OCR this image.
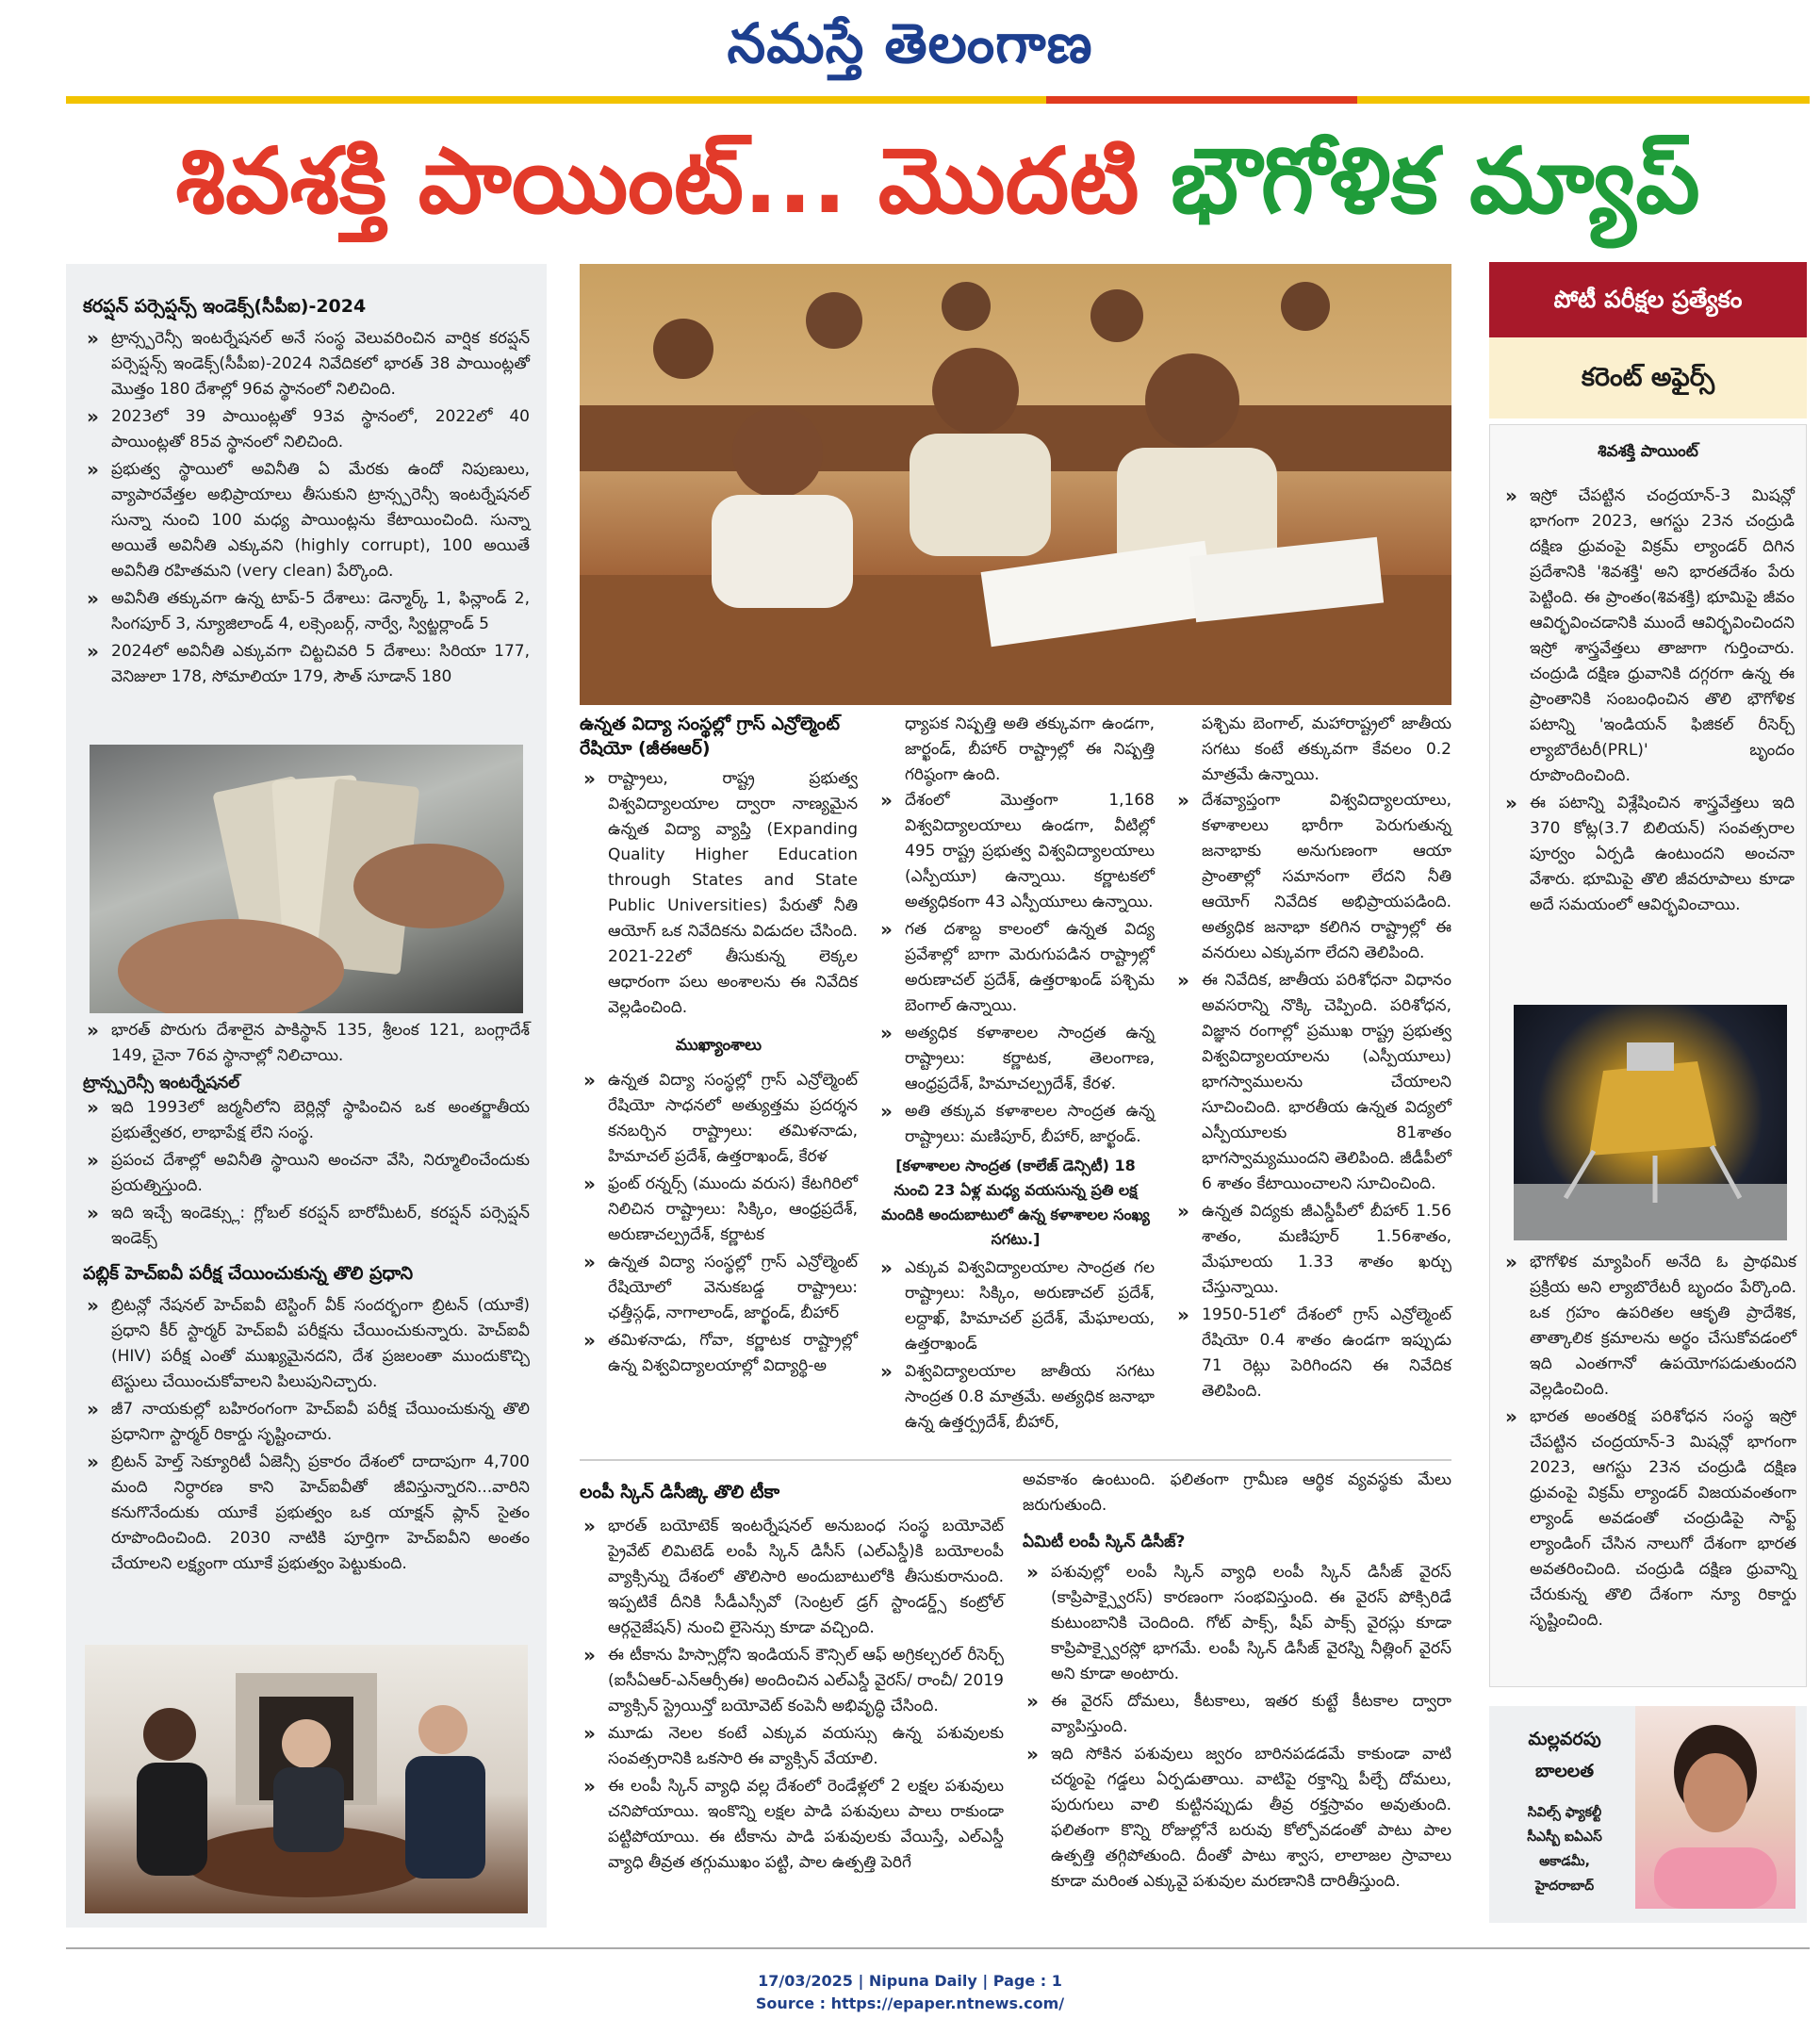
నమస్తే తెలంగాణ
శివశక్తి పాయింట్... మొదటి భౌగోళిక మ్యాప్
కరప్షన్ పర్సెప్షన్స్ ఇండెక్స్(సీపీఐ)-2024
» ట్రాన్స్పరెన్సీ ఇంటర్నేషనల్ అనే సంస్థ వెలువరించిన వార్షిక కరప్షన్ పర్సెప్షన్స్ ఇండెక్స్(సీపీఐ)-2024 నివేదికలో భారత్ 38 పాయింట్లతో మొత్తం 180 దేశాల్లో 96వ స్థానంలో నిలిచింది.
» 2023లో 39 పాయింట్లతో 93వ స్థానంలో, 2022లో 40 పాయింట్లతో 85వ స్థానంలో నిలిచింది.
» ప్రభుత్వ స్థాయిలో అవినీతి ఏ మేరకు ఉందో నిపుణులు, వ్యాపారవేత్తల అభిప్రాయాలు తీసుకుని ట్రాన్స్పరెన్సీ ఇంటర్నేషనల్ సున్నా నుంచి 100 మధ్య పాయింట్లను కేటాయించింది. సున్నా అయితే అవినీతి ఎక్కువని (highly corrupt), 100 అయితే అవినీతి రహితమని (very clean) పేర్కొంది.
» అవినీతి తక్కువగా ఉన్న టాప్-5 దేశాలు: డెన్మార్క్ 1, ఫిన్లాండ్ 2, సింగపూర్ 3, న్యూజిలాండ్ 4, లక్సెంబర్గ్, నార్వే, స్విట్జర్లాండ్ 5
» 2024లో అవినీతి ఎక్కువగా చిట్టచివరి 5 దేశాలు: సిరియా 177, వెనిజులా 178, సోమాలియా 179, సౌత్ సూడాన్ 180
» భారత్ పొరుగు దేశాలైన పాకిస్థాన్ 135, శ్రీలంక 121, బంగ్లాదేశ్ 149, చైనా 76వ స్థానాల్లో నిలిచాయి.
ట్రాన్స్పరెన్సీ ఇంటర్నేషనల్
» ఇది 1993లో జర్మనీలోని బెర్లిన్లో స్థాపించిన ఒక అంతర్జాతీయ ప్రభుత్వేతర, లాభాపేక్ష లేని సంస్థ.
» ప్రపంచ దేశాల్లో అవినీతి స్థాయిని అంచనా వేసి, నిర్మూలించేందుకు ప్రయత్నిస్తుంది.
» ఇది ఇచ్చే ఇండెక్స్లు: గ్లోబల్ కరప్షన్ బారోమీటర్, కరప్షన్ పర్సెప్షన్ ఇండెక్స్
పబ్లిక్ హెచ్ఐవీ పరీక్ష చేయించుకున్న తొలి ప్రధాని
» బ్రిటన్లో నేషనల్ హెచ్ఐవీ టెస్టింగ్ వీక్ సందర్భంగా బ్రిటన్ (యూకే) ప్రధాని కీర్ స్టార్మర్ హెచ్ఐవీ పరీక్షను చేయించుకున్నారు. హెచ్ఐవీ (HIV) పరీక్ష ఎంతో ముఖ్యమైనదని, దేశ ప్రజలంతా ముందుకొచ్చి టెస్టులు చేయించుకోవాలని పిలుపునిచ్చారు.
» జీ7 నాయకుల్లో బహిరంగంగా హెచ్ఐవీ పరీక్ష చేయించుకున్న తొలి ప్రధానిగా స్టార్మర్ రికార్డు సృష్టించారు.
» బ్రిటన్ హెల్త్ సెక్యూరిటీ ఏజెన్సీ ప్రకారం దేశంలో దాదాపుగా 4,700 మంది నిర్ధారణ కాని హెచ్ఐవీతో జీవిస్తున్నారని...వారిని కనుగొనేందుకు యూకే ప్రభుత్వం ఒక యాక్షన్ ప్లాన్ సైతం రూపొందించింది. 2030 నాటికి పూర్తిగా హెచ్ఐవీని అంతం చేయాలని లక్ష్యంగా యూకే ప్రభుత్వం పెట్టుకుంది.
ఉన్నత విద్యా సంస్థల్లో గ్రాస్ ఎన్రోల్మెంట్ రేషియో (జీఈఆర్)
» రాష్ట్రాలు, రాష్ట్ర ప్రభుత్వ విశ్వవిద్యాలయాల ద్వారా నాణ్యమైన ఉన్నత విద్యా వ్యాప్తి (Expanding Quality Higher Education through States and State Public Universities) పేరుతో నీతి ఆయోగ్ ఒక నివేదికను విడుదల చేసింది. 2021-22లో తీసుకున్న లెక్కల ఆధారంగా పలు అంశాలను ఈ నివేదిక వెల్లడించింది.

ముఖ్యాంశాలు

» ఉన్నత విద్యా సంస్థల్లో గ్రాస్ ఎన్రోల్మెంట్ రేషియో సాధనలో అత్యుత్తమ ప్రదర్శన కనబర్చిన రాష్ట్రాలు: తమిళనాడు, హిమాచల్ ప్రదేశ్, ఉత్తరాఖండ్, కేరళ
» ఫ్రంట్ రన్నర్స్ (ముందు వరుస) కేటగిరిలో నిలిచిన రాష్ట్రాలు: సిక్కిం, ఆంధ్రప్రదేశ్, అరుణాచల్ప్రదేశ్, కర్ణాటక
» ఉన్నత విద్యా సంస్థల్లో గ్రాస్ ఎన్రోల్మెంట్ రేషియోలో వెనుకబడ్డ రాష్ట్రాలు: ఛత్తీస్గఢ్, నాగాలాండ్, జార్ఖండ్, బీహార్
» తమిళనాడు, గోవా, కర్ణాటక రాష్ట్రాల్లో ఉన్న విశ్వవిద్యాలయాల్లో విద్యార్థి-అ

ధ్యాపక నిష్పత్తి అతి తక్కువగా ఉండగా, జార్ఖండ్, బీహార్ రాష్ట్రాల్లో ఈ నిష్పత్తి గరిష్ఠంగా ఉంది.

» దేశంలో మొత్తంగా 1,168 విశ్వవిద్యాలయాలు ఉండగా, వీటిల్లో 495 రాష్ట్ర ప్రభుత్వ విశ్వవిద్యాలయాలు (ఎస్పీయూ) ఉన్నాయి. కర్ణాటకలో అత్యధికంగా 43 ఎస్పీయూలు ఉన్నాయి.
» గత దశాబ్ద కాలంలో ఉన్నత విద్య ప్రవేశాల్లో బాగా మెరుగుపడిన రాష్ట్రాల్లో అరుణాచల్ ప్రదేశ్, ఉత్తరాఖండ్ పశ్చిమ బెంగాల్ ఉన్నాయి.
» అత్యధిక కళాశాలల సాంద్రత ఉన్న రాష్ట్రాలు: కర్ణాటక, తెలంగాణ, ఆంధ్రప్రదేశ్, హిమాచల్ప్రదేశ్, కేరళ.
» అతి తక్కువ కళాశాలల సాంద్రత ఉన్న రాష్ట్రాలు: మణిపూర్, బీహార్, జార్ఖండ్.

[కళాశాలల సాంద్రత (కాలేజ్ డెన్సిటీ) 18 నుంచి 23 ఏళ్ల మధ్య వయసున్న ప్రతి లక్ష మందికి అందుబాటులో ఉన్న కళాశాలల సంఖ్య సగటు.]

» ఎక్కువ విశ్వవిద్యాలయాల సాంద్రత గల రాష్ట్రాలు: సిక్కిం, అరుణాచల్ ప్రదేశ్, లద్దాఖ్, హిమాచల్ ప్రదేశ్, మేఘాలయ, ఉత్తరాఖండ్
» విశ్వవిద్యాలయాల జాతీయ సగటు సాంద్రత 0.8 మాత్రమే. అత్యధిక జనాభా ఉన్న ఉత్తర్ప్రదేశ్, బీహార్,

పశ్చిమ బెంగాల్, మహారాష్ట్రలో జాతీయ సగటు కంటే తక్కువగా కేవలం 0.2 మాత్రమే ఉన్నాయి.

» దేశవ్యాప్తంగా విశ్వవిద్యాలయాలు, కళాశాలలు భారీగా పెరుగుతున్న జనాభాకు అనుగుణంగా ఆయా ప్రాంతాల్లో సమానంగా లేదని నీతి ఆయోగ్ నివేదిక అభిప్రాయపడింది. అత్యధిక జనాభా కలిగిన రాష్ట్రాల్లో ఈ వనరులు ఎక్కువగా లేదని తెలిపింది.
» ఈ నివేదిక, జాతీయ పరిశోధనా విధానం అవసరాన్ని నొక్కి చెప్పింది. పరిశోధన, విజ్ఞాన రంగాల్లో ప్రముఖ రాష్ట్ర ప్రభుత్వ విశ్వవిద్యాలయాలను (ఎస్పీయూలు) భాగస్వాములను చేయాలని సూచించింది. భారతీయ ఉన్నత విద్యలో ఎస్పీయూలకు 81శాతం భాగస్వామ్యముందని తెలిపింది. జీడీపీలో 6 శాతం కేటాయించాలని సూచించింది.
» ఉన్నత విద్యకు జీఎస్డీపీలో బీహార్ 1.56 శాతం, మణిపూర్ 1.56శాతం, మేఘాలయ 1.33 శాతం ఖర్చు చేస్తున్నాయి.
» 1950-51లో దేశంలో గ్రాస్ ఎన్రోల్మెంట్ రేషియో 0.4 శాతం ఉండగా ఇప్పుడు 71 రెట్లు పెరిగిందని ఈ నివేదిక తెలిపింది.
లంపీ స్కిన్ డిసీజ్కి తొలి టీకా
» భారత్ బయోటెక్ ఇంటర్నేషనల్ అనుబంధ సంస్థ బయోవెట్ ప్రైవేట్ లిమిటెడ్ లంపీ స్కిన్ డిసీస్ (ఎల్ఎస్డీ)కి బయోలంపీ వ్యాక్సిన్ను దేశంలో తొలిసారి అందుబాటులోకి తీసుకురానుంది. ఇప్పటికే దీనికి సీడీఎస్సీవో (సెంట్రల్ డ్రగ్ స్టాండర్డ్స్ కంట్రోల్ ఆర్గనైజేషన్) నుంచి లైసెన్సు కూడా వచ్చింది.
» ఈ టీకాను హిస్సార్లోని ఇండియన్ కౌన్సిల్ ఆఫ్ అగ్రికల్చరల్ రీసెర్చ్ (ఐసీఏఆర్-ఎన్ఆర్సీఈ) అందించిన ఎల్ఎస్డీ వైరస్/ రాంచీ/ 2019 వ్యాక్సిన్ స్ట్రెయిన్తో బయోవెట్ కంపెనీ అభివృద్ధి చేసింది.
» మూడు నెలల కంటే ఎక్కువ వయస్సు ఉన్న పశువులకు సంవత్సరానికి ఒకసారి ఈ వ్యాక్సిన్ వేయాలి.
» ఈ లంపీ స్కిన్ వ్యాధి వల్ల దేశంలో రెండేళ్లలో 2 లక్షల పశువులు చనిపోయాయి. ఇంకొన్ని లక్షల పాడి పశువులు పాలు రాకుండా పట్టిపోయాయి. ఈ టీకాను పాడి పశువులకు వేయిస్తే, ఎల్ఎస్డీ వ్యాధి తీవ్రత తగ్గుముఖం పట్టి, పాల ఉత్పత్తి పెరిగే

అవకాశం ఉంటుంది. ఫలితంగా గ్రామీణ ఆర్థిక వ్యవస్థకు మేలు జరుగుతుంది.

ఏమిటీ లంపీ స్కిన్ డిసీజ్?
» పశువుల్లో లంపీ స్కిన్ వ్యాధి లంపీ స్కిన్ డిసీజ్ వైరస్ (కాప్రిపాక్స్వైరస్) కారణంగా సంభవిస్తుంది. ఈ వైరస్ పోక్సిరిడే కుటుంబానికి చెందింది. గోట్ పాక్స్, షీప్ పాక్స్ వైరస్లు కూడా కాప్రిపాక్స్వైరస్లో భాగమే. లంపీ స్కిన్ డిసీజ్ వైరస్ని నీత్లింగ్ వైరస్ అని కూడా అంటారు.
» ఈ వైరస్ దోమలు, కీటకాలు, ఇతర కుట్టే కీటకాల ద్వారా వ్యాపిస్తుంది.
» ఇది సోకిన పశువులు జ్వరం బారినపడడమే కాకుండా వాటి చర్మంపై గడ్డలు ఏర్పడుతాయి. వాటిపై రక్తాన్ని పీల్చే దోమలు, పురుగులు వాలి కుట్టినప్పుడు తీవ్ర రక్తస్రావం అవుతుంది. ఫలితంగా కొన్ని రోజుల్లోనే బరువు కోల్పోవడంతో పాటు పాల ఉత్పత్తి తగ్గిపోతుంది. దీంతో పాటు శ్వాస, లాలాజల స్రావాలు కూడా మరింత ఎక్కువై పశువుల మరణానికి దారితీస్తుంది.
పోటీ పరీక్షల ప్రత్యేకం
కరెంట్ అఫైర్స్

శివశక్తి పాయింట్

» ఇస్రో చేపట్టిన చంద్రయాన్-3 మిషన్లో భాగంగా 2023, ఆగస్టు 23న చంద్రుడి దక్షిణ ధ్రువంపై విక్రమ్ ల్యాండర్ దిగిన ప్రదేశానికి 'శివశక్తి' అని భారతదేశం పేరు పెట్టింది. ఈ ప్రాంతం(శివశక్తి) భూమిపై జీవం ఆవిర్భవించడానికి ముందే ఆవిర్భవించిందని ఇస్రో శాస్త్రవేత్తలు తాజాగా గుర్తించారు. చంద్రుడి దక్షిణ ధ్రువానికి దగ్గరగా ఉన్న ఈ ప్రాంతానికి సంబంధించిన తొలి భౌగోళిక పటాన్ని 'ఇండియన్ ఫిజికల్ రీసెర్చ్ ల్యాబొరేటరీ(PRL)' బృందం రూపొందించింది.
» ఈ పటాన్ని విశ్లేషించిన శాస్త్రవేత్తలు ఇది 370 కోట్ల(3.7 బిలియన్) సంవత్సరాల పూర్వం ఏర్పడి ఉంటుందని అంచనా వేశారు. భూమిపై తొలి జీవరూపాలు కూడా అదే సమయంలో ఆవిర్భవించాయి.
» భౌగోళిక మ్యాపింగ్ అనేది ఓ ప్రాథమిక ప్రక్రియ అని ల్యాబొరేటరీ బృందం పేర్కొంది. ఒక గ్రహం ఉపరితల ఆకృతి ప్రాదేశిక, తాత్కాలిక క్రమాలను అర్థం చేసుకోవడంలో ఇది ఎంతగానో ఉపయోగపడుతుందని వెల్లడించింది.
» భారత అంతరిక్ష పరిశోధన సంస్థ ఇస్రో చేపట్టిన చంద్రయాన్-3 మిషన్లో భాగంగా 2023, ఆగస్టు 23న చంద్రుడి దక్షిణ ధ్రువంపై విక్రమ్ ల్యాండర్ విజయవంతంగా ల్యాండ్ అవడంతో చంద్రుడిపై సాఫ్ట్ ల్యాండింగ్ చేసిన నాలుగో దేశంగా భారత అవతరించింది. చంద్రుడి దక్షిణ ధ్రువాన్ని చేరుకున్న తొలి దేశంగా న్యూ రికార్డు సృష్టించింది.
మల్లవరపు
బాలలత
సివిల్స్ ఫ్యాకల్టీ
సీఎస్బీ ఐఏఎస్
అకాడమీ,
హైదరాబాద్
17/03/2025 | Nipuna Daily | Page : 1
Source : https://epaper.ntnews.com/
